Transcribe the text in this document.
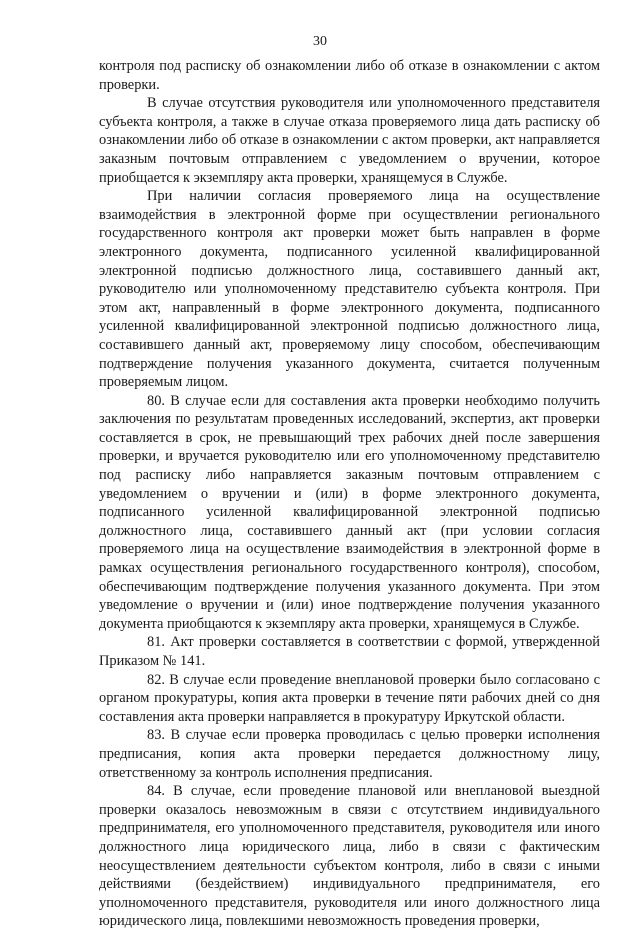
30

контроля под расписку об ознакомлении либо об отказе в ознакомлении с актом проверки.

В случае отсутствия руководителя или уполномоченного представителя субъекта контроля, а также в случае отказа проверяемого лица дать расписку об ознакомлении либо об отказе в ознакомлении с актом проверки, акт направляется заказным почтовым отправлением с уведомлением о вручении, которое приобщается к экземпляру акта проверки, хранящемуся в Службе.

При наличии согласия проверяемого лица на осуществление взаимодействия в электронной форме при осуществлении регионального государственного контроля акт проверки может быть направлен в форме электронного документа, подписанного усиленной квалифицированной электронной подписью должностного лица, составившего данный акт, руководителю или уполномоченному представителю субъекта контроля. При этом акт, направленный в форме электронного документа, подписанного усиленной квалифицированной электронной подписью должностного лица, составившего данный акт, проверяемому лицу способом, обеспечивающим подтверждение получения указанного документа, считается полученным проверяемым лицом.

80. В случае если для составления акта проверки необходимо получить заключения по результатам проведенных исследований, экспертиз, акт проверки составляется в срок, не превышающий трех рабочих дней после завершения проверки, и вручается руководителю или его уполномоченному представителю под расписку либо направляется заказным почтовым отправлением с уведомлением о вручении и (или) в форме электронного документа, подписанного усиленной квалифицированной электронной подписью должностного лица, составившего данный акт (при условии согласия проверяемого лица на осуществление взаимодействия в электронной форме в рамках осуществления регионального государственного контроля), способом, обеспечивающим подтверждение получения указанного документа. При этом уведомление о вручении и (или) иное подтверждение получения указанного документа приобщаются к экземпляру акта проверки, хранящемуся в Службе.

81. Акт проверки составляется в соответствии с формой, утвержденной Приказом № 141.

82. В случае если проведение внеплановой проверки было согласовано с органом прокуратуры, копия акта проверки в течение пяти рабочих дней со дня составления акта проверки направляется в прокуратуру Иркутской области.

83. В случае если проверка проводилась с целью проверки исполнения предписания, копия акта проверки передается должностному лицу, ответственному за контроль исполнения предписания.

84. В случае, если проведение плановой или внеплановой выездной проверки оказалось невозможным в связи с отсутствием индивидуального предпринимателя, его уполномоченного представителя, руководителя или иного должностного лица юридического лица, либо в связи с фактическим неосуществлением деятельности субъектом контроля, либо в связи с иными действиями (бездействием) индивидуального предпринимателя, его уполномоченного представителя, руководителя или иного должностного лица юридического лица, повлекшими невозможность проведения проверки,
